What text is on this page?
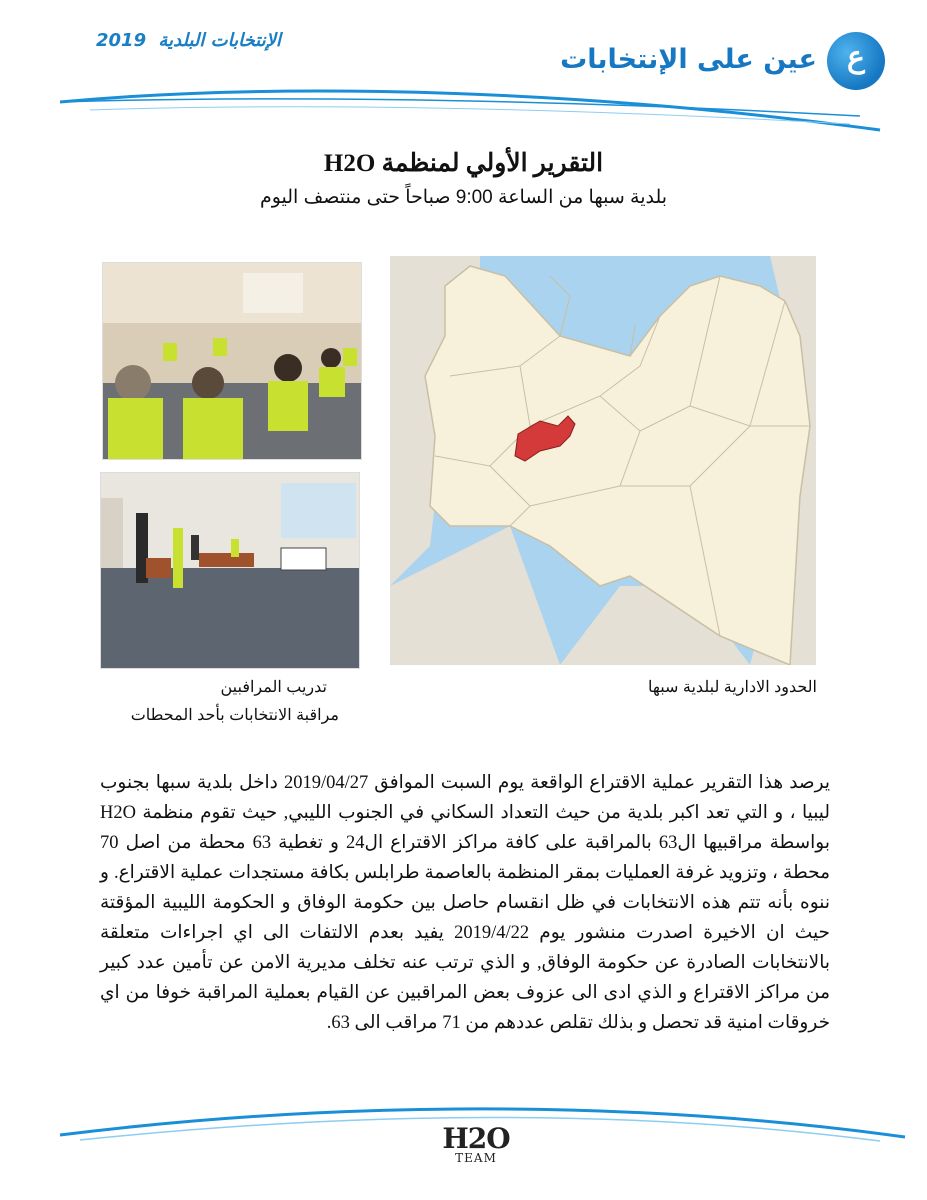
الإنتخابات البلدية 2019
عين على الإنتخابات	ع
التقرير الأولي لمنظمة H2O
بلدية سبها من الساعة 9:00 صباحاً حتى منتصف اليوم
الحدود الادارية لبلدية سبها
تدريب المرافبين
مراقبة الانتخابات بأحد المحطات
يرصد هذا التقرير عملية الاقتراع الواقعة يوم السبت الموافق 2019/04/27 داخل بلدية سبها بجنوب ليبيا ، و التي تعد اكبر بلدية من حيث التعداد السكاني في الجنوب الليبي, حيث تقوم منظمة H2O بواسطة مراقبيها ال63 بالمراقبة على كافة مراكز الاقتراع ال24 و تغطية 63 محطة من اصل 70 محطة ، وتزويد غرفة العمليات بمقر المنظمة بالعاصمة طرابلس بكافة مستجدات عملية الاقتراع. و ننوه بأنه تتم هذه الانتخابات في ظل انقسام حاصل بين حكومة الوفاق و الحكومة الليبية المؤقتة حيث ان الاخيرة اصدرت منشور يوم 2019/4/22 يفيد بعدم الالتفات الى اي اجراءات متعلقة بالانتخابات الصادرة عن حكومة الوفاق, و الذي ترتب عنه تخلف مديرية الامن عن تأمين عدد كبير من مراكز الاقتراع و الذي ادى الى عزوف بعض المراقبين عن القيام بعملية المراقبة خوفا من اي خروقات امنية قد تحصل و بذلك تقلص عددهم من 71 مراقب الى 63.
H2O
TEAM
